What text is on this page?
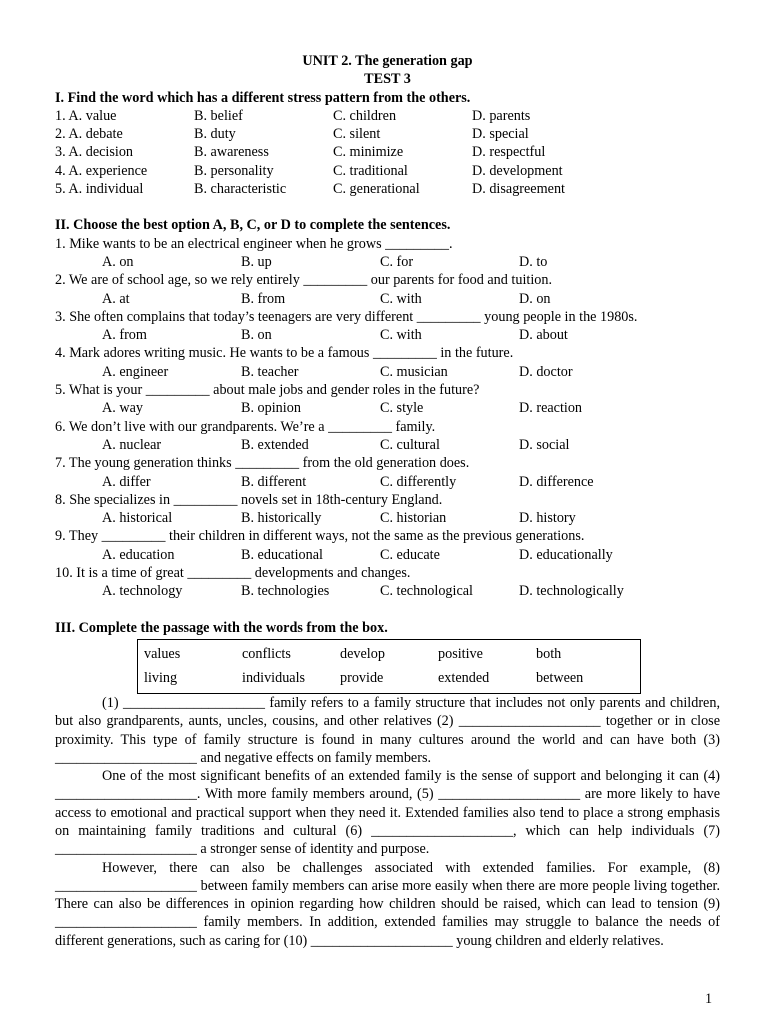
UNIT 2. The generation gap
TEST 3
I. Find the word which has a different stress pattern from the others.
1. A. value	B. belief	C. children	D. parents
2. A. debate	B. duty	C. silent	D. special
3. A. decision	B. awareness	C. minimize	D. respectful
4. A. experience	B. personality	C. traditional	D. development
5. A. individual	B. characteristic	C. generational	D. disagreement
II. Choose the best option A, B, C, or D to complete the sentences.
1. Mike wants to be an electrical engineer when he grows _________.
A. on	B. up	C. for	D. to
2. We are of school age, so we rely entirely _________ our parents for food and tuition.
A. at	B. from	C. with	D. on
3. She often complains that today’s teenagers are very different _________ young people in the 1980s.
A. from	B. on	C. with	D. about
4. Mark adores writing music. He wants to be a famous _________ in the future.
A. engineer	B. teacher	C. musician	D. doctor
5. What is your _________ about male jobs and gender roles in the future?
A. way	B. opinion	C. style	D. reaction
6. We don’t live with our grandparents. We’re a _________ family.
A. nuclear	B. extended	C. cultural	D. social
7. The young generation thinks _________ from the old generation does.
A. differ	B. different	C. differently	D. difference
8. She specializes in _________ novels set in 18th-century England.
A. historical	B. historically	C. historian	D. history
9. They _________ their children in different ways, not the same as the previous generations.
A. education	B. educational	C. educate	D. educationally
10. It is a time of great _________ developments and changes.
A. technology	B. technologies	C. technological	D. technologically
III. Complete the passage with the words from the box.
values	conflicts	develop	positive	both
living	individuals	provide	extended	between
(1) ____________________ family refers to a family structure that includes not only parents and children, but also grandparents, aunts, uncles, cousins, and other relatives (2) ____________________ together or in close proximity. This type of family structure is found in many cultures around the world and can have both (3) ____________________ and negative effects on family members.
One of the most significant benefits of an extended family is the sense of support and belonging it can (4) ____________________. With more family members around, (5) ____________________ are more likely to have access to emotional and practical support when they need it. Extended families also tend to place a strong emphasis on maintaining family traditions and cultural (6) ____________________, which can help individuals (7) ____________________ a stronger sense of identity and purpose.
However, there can also be challenges associated with extended families. For example, (8) ____________________ between family members can arise more easily when there are more people living together. There can also be differences in opinion regarding how children should be raised, which can lead to tension (9) ____________________ family members. In addition, extended families may struggle to balance the needs of different generations, such as caring for (10) ____________________ young children and elderly relatives.
1
